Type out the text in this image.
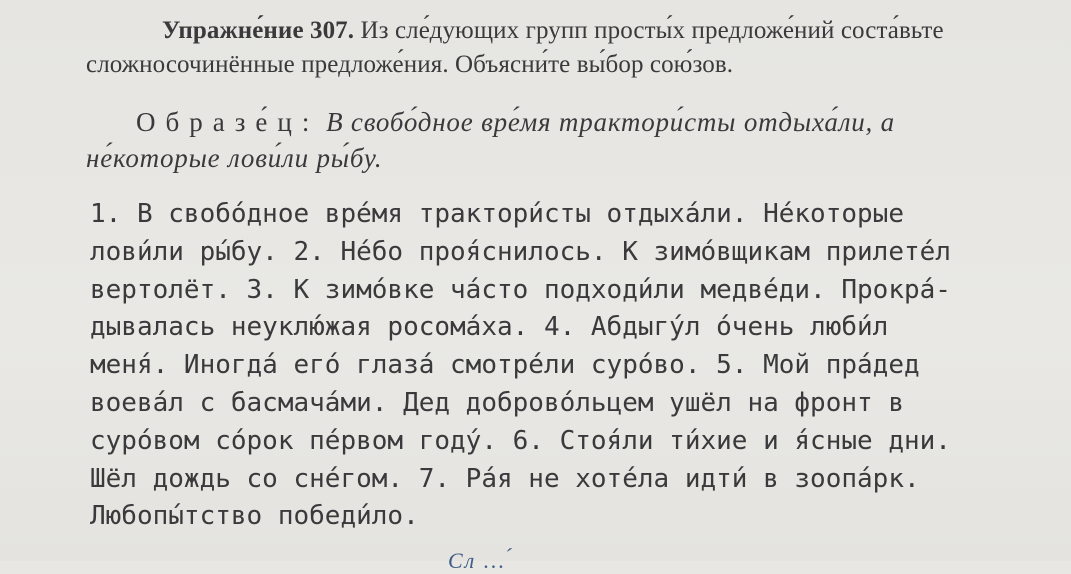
Упражне́ние 307. Из сле́дующих групп просты́х предложе́ний соста́вьте сложносочинённые предложе́ния. Объясни́те вы́бор сою́зов.
Образе́ц: В свобо́дное вре́мя трактори́сты отдыха́ли, а не́которые лови́ли ры́бу.
1. В свобо́дное вре́мя трактори́сты отдыха́ли. Не́которые
лови́ли ры́бу. 2. Не́бо проя́снилось. К зимо́вщикам прилете́л
вертолёт. 3. К зимо́вке ча́сто подходи́ли медве́ди. Прокра́-
дывалась неуклю́жая росома́ха. 4. Абдыгу́л о́чень люби́л
меня́. Иногда́ его́ глаза́ смотре́ли суро́во. 5. Мой пра́дед
воева́л с басмача́ми. Дед доброво́льцем ушёл на фронт в
суро́вом со́рок пе́рвом году́. 6. Стоя́ли ти́хие и я́сные дни.
Шёл дождь со сне́гом. 7. Ра́я не хоте́ла идти́ в зоопа́рк.
Любопы́тство победи́ло.
Сл ... ́
